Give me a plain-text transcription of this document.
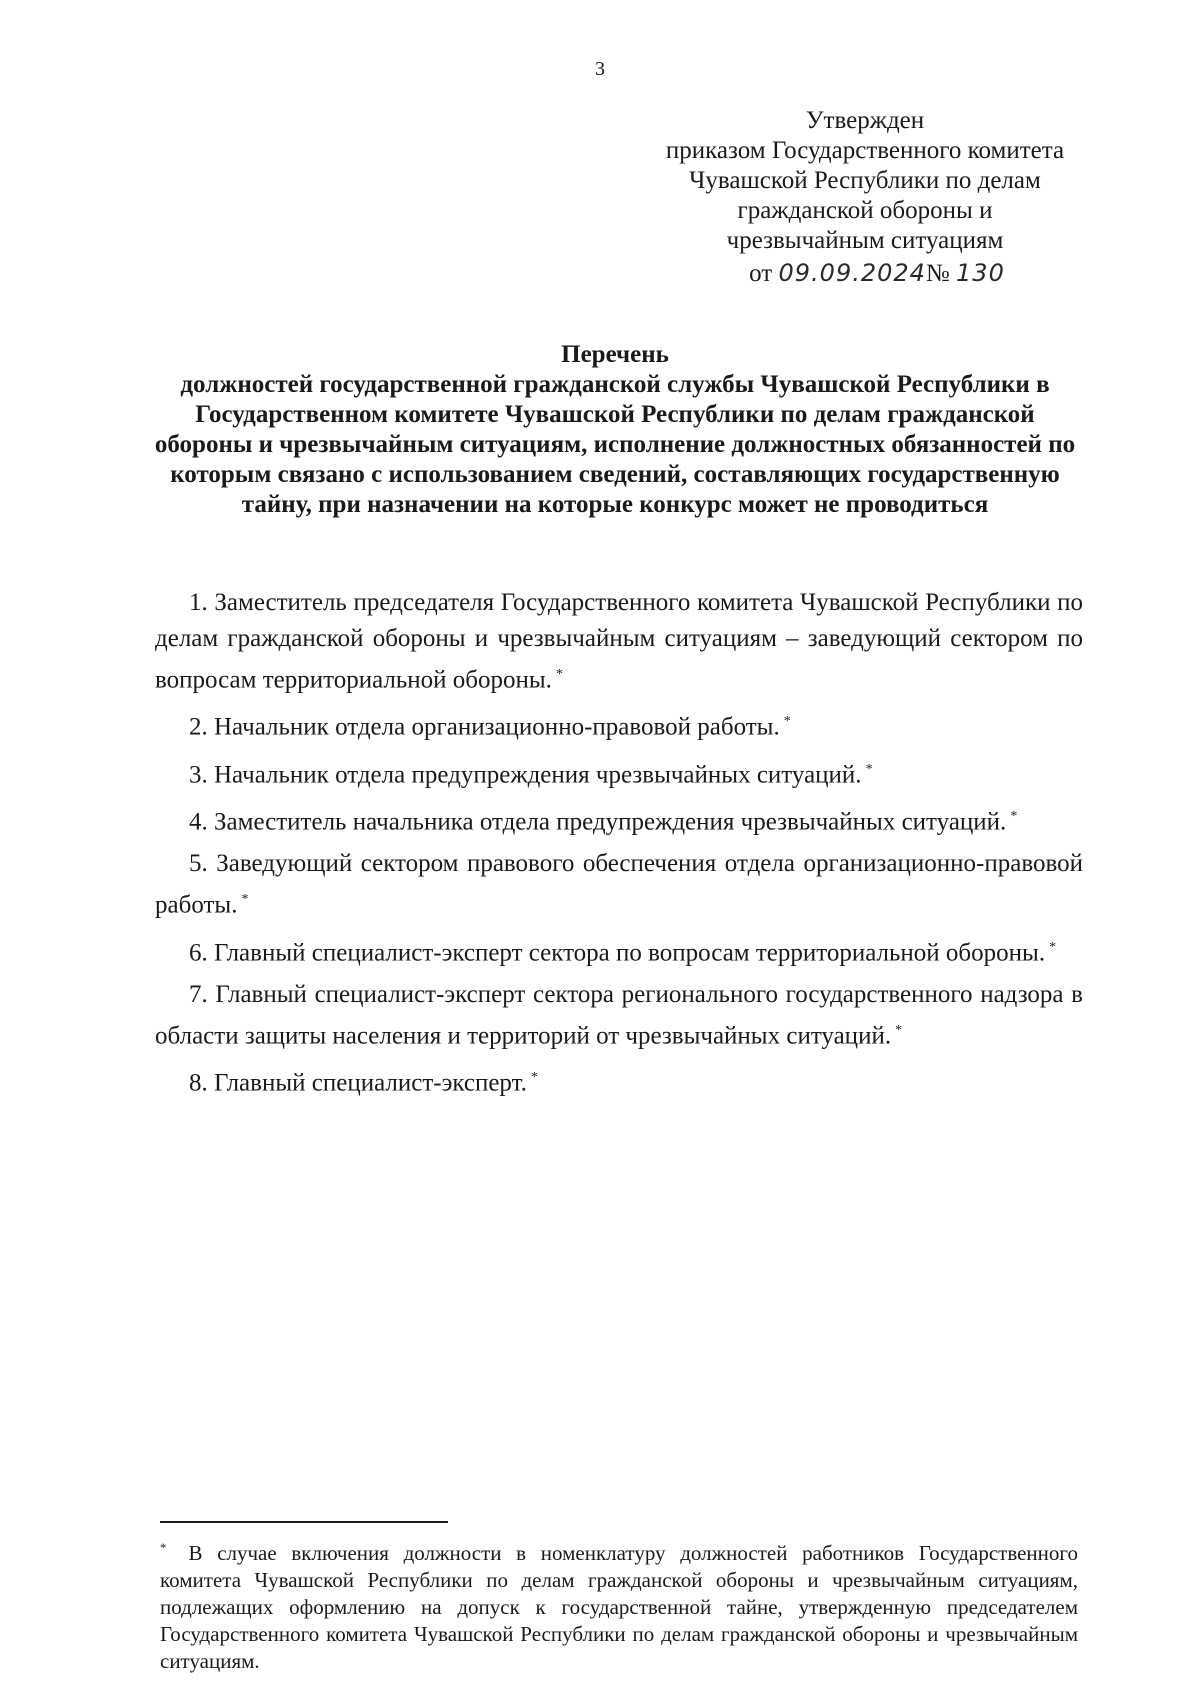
3
Утвержден
приказом Государственного комитета
Чувашской Республики по делам
гражданской обороны и
чрезвычайным ситуациям
от 09.09.2024№ 130
Перечень
должностей государственной гражданской службы Чувашской Республики в Государственном комитете Чувашской Республики по делам гражданской обороны и чрезвычайным ситуациям, исполнение должностных обязанностей по которым связано с использованием сведений, составляющих государственную тайну, при назначении на которые конкурс может не проводиться
1. Заместитель председателя Государственного комитета Чувашской Республики по делам гражданской обороны и чрезвычайным ситуациям – заведующий сектором по вопросам территориальной обороны. *
2. Начальник отдела организационно-правовой работы. *
3. Начальник отдела предупреждения чрезвычайных ситуаций. *
4. Заместитель начальника отдела предупреждения чрезвычайных ситуаций. *
5. Заведующий сектором правового обеспечения отдела организационно-правовой работы. *
6. Главный специалист-эксперт сектора по вопросам территориальной обороны. *
7. Главный специалист-эксперт сектора регионального государственного надзора в области защиты населения и территорий от чрезвычайных ситуаций. *
8. Главный специалист-эксперт. *
* В случае включения должности в номенклатуру должностей работников Государственного комитета Чувашской Республики по делам гражданской обороны и чрезвычайным ситуациям, подлежащих оформлению на допуск к государственной тайне, утвержденную председателем Государственного комитета Чувашской Республики по делам гражданской обороны и чрезвычайным ситуациям.
